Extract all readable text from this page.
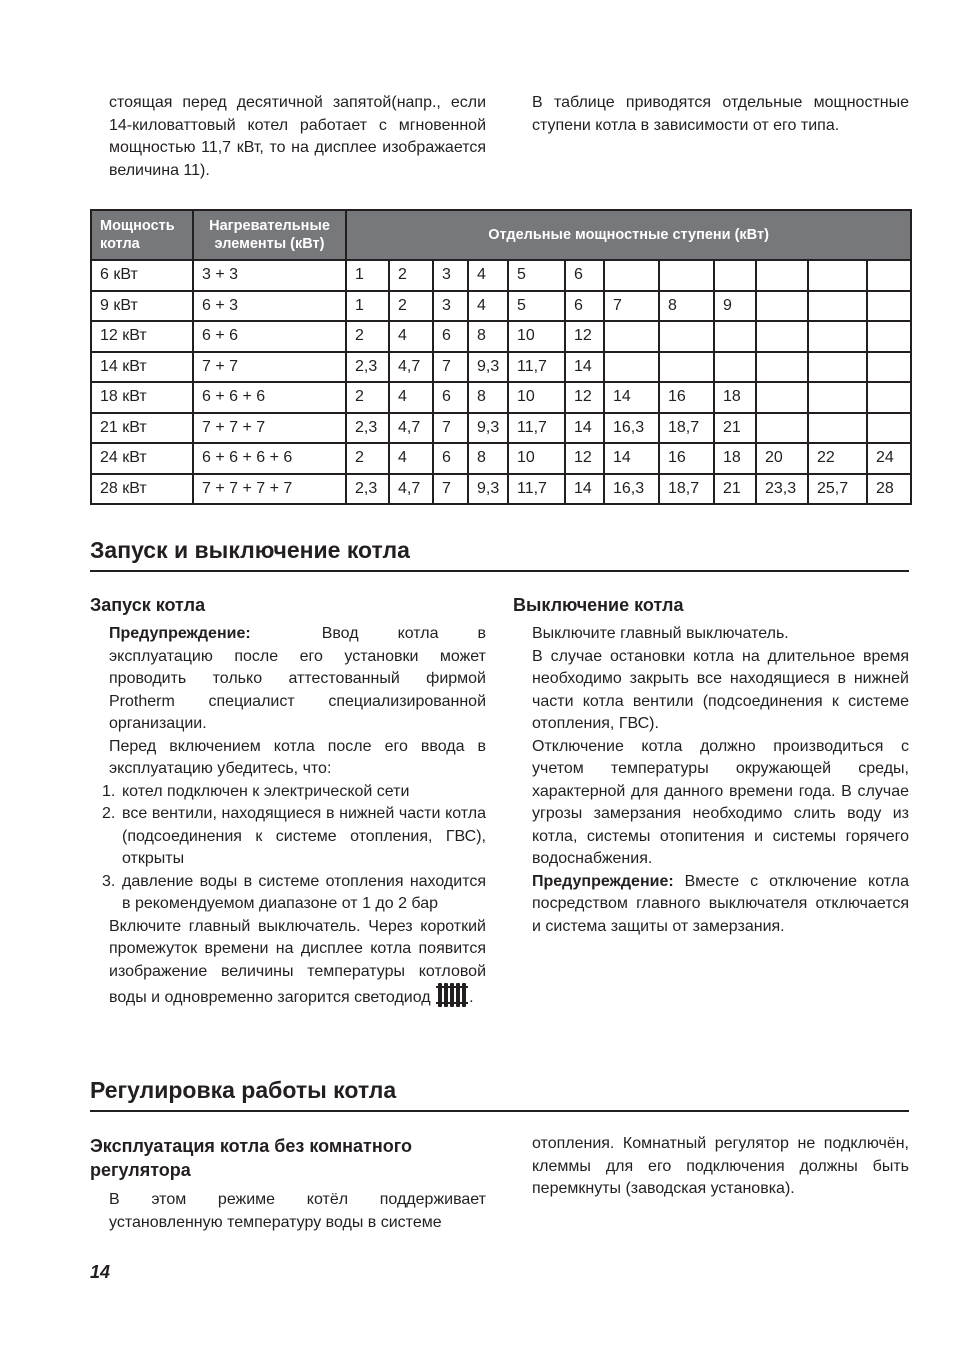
стоящая перед десятичной запятой(напр., если 14-киловаттовый котел работает с мгновенной мощностью 11,7 кВт, то на дисплее изображается величина 11).
В таблице приводятся отдельные мощностные ступени котла в зависимости от его типа.
Мощность котла	Нагревательные элементы (кВт)	Отдельные мощностные ступени (кВт)											
6 кВт	3 + 3	1	2	3	4	5	6						
9 кВт	6 + 3	1	2	3	4	5	6	7	8	9			
12 кВт	6 + 6	2	4	6	8	10	12						
14 кВт	7 + 7	2,3	4,7	7	9,3	11,7	14						
18 кВт	6 + 6 + 6	2	4	6	8	10	12	14	16	18			
21 кВт	7 + 7 + 7	2,3	4,7	7	9,3	11,7	14	16,3	18,7	21			
24 кВт	6 + 6 + 6 + 6	2	4	6	8	10	12	14	16	18	20	22	24
28 кВт	7 + 7 + 7 + 7	2,3	4,7	7	9,3	11,7	14	16,3	18,7	21	23,3	25,7	28
Запуск и выключение котла
Запуск котла
Предупреждение:	Ввод котла в эксплуатацию после его установки может проводить только аттестованный фирмой Protherm специалист специализированной организации.
Перед включением котла после его ввода в эксплуатацию убедитесь, что:
1. котел подключен к электрической сети
2. все вентили, находящиеся в нижней части котла (подсоединения к системе отопления, ГВС), открыты
3. давление воды в системе отопления находится в рекомендуемом диапазоне от 1 до 2 бар
Включите главный выключатель. Через короткий промежуток времени на дисплее котла появится изображение величины температуры котловой воды и одновременно загорится светодиод .
Выключение котла
Выключите главный выключатель.
В случае остановки котла на длительное время необходимо закрыть все находящиеся в нижней части котла вентили (подсоединения к системе отопления, ГВС).
Отключение котла должно производиться с учетом температуры окружающей среды, характерной для данного времени года. В случае угрозы замерзания необходимо слить воду из котла, системы отопитения и системы горячего водоснабжения.
Предупреждение: Вместе с отключение котла посредством главного выключателя отключается и система защиты от замерзания.
Регулировка работы котла
Эксплуатация котла без комнатного регулятора
В этом режиме котёл поддерживает установленную температуру воды в системе
отопления. Комнатный регулятор не подключён, клеммы для его подключения должны быть перемкнуты (заводская установка).
14
